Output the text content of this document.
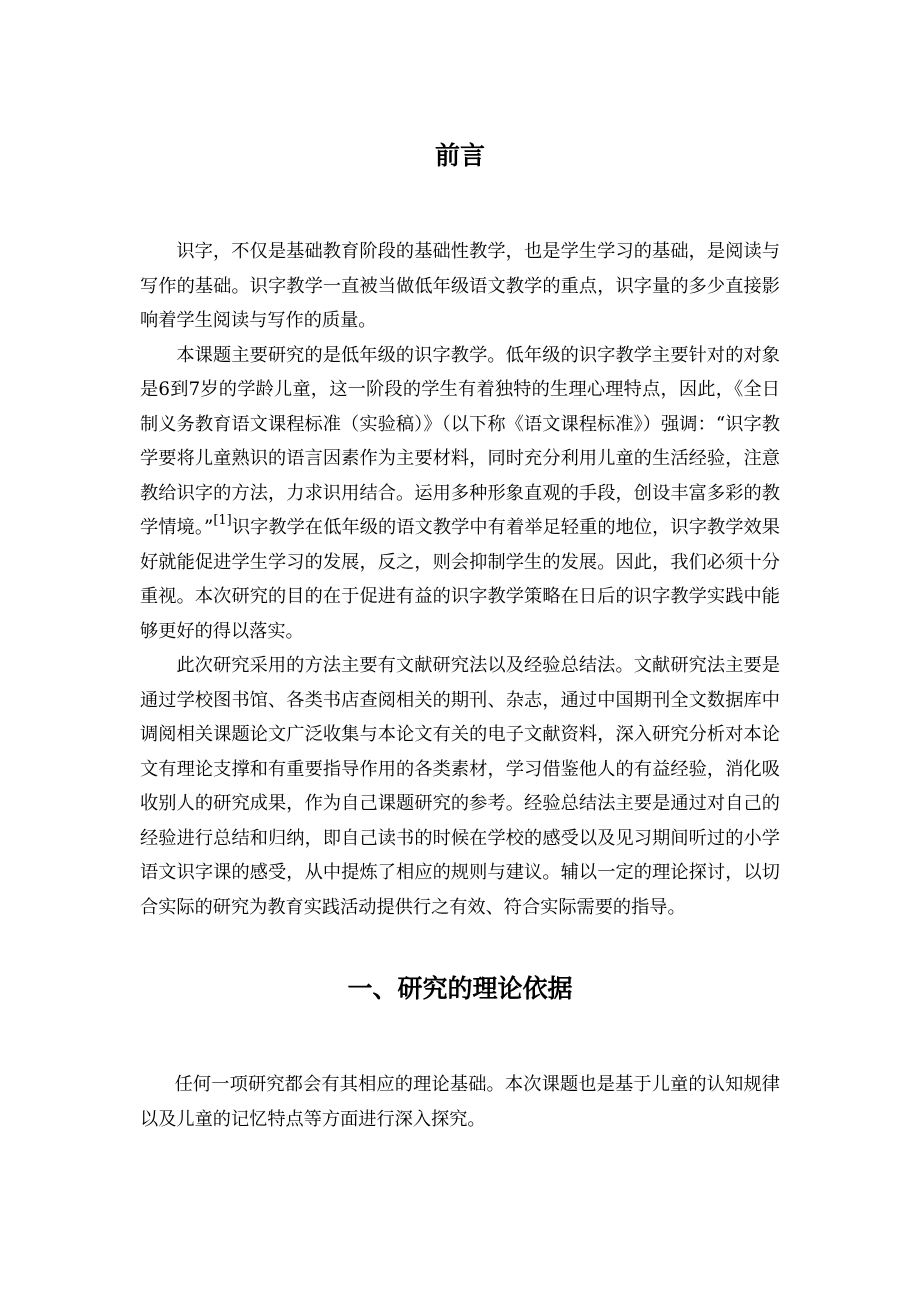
前言

识字，不仅是基础教育阶段的基础性教学，也是学生学习的基础，是阅读与写作的基础。识字教学一直被当做低年级语文教学的重点，识字量的多少直接影响着学生阅读与写作的质量。

本课题主要研究的是低年级的识字教学。低年级的识字教学主要针对的对象是6到7岁的学龄儿童，这一阶段的学生有着独特的生理心理特点，因此，《全日制义务教育语文课程标准（实验稿）》（以下称《语文课程标准》）强调：“识字教学要将儿童熟识的语言因素作为主要材料，同时充分利用儿童的生活经验，注意教给识字的方法，力求识用结合。运用多种形象直观的手段，创设丰富多彩的教学情境。”[1]识字教学在低年级的语文教学中有着举足轻重的地位，识字教学效果好就能促进学生学习的发展，反之，则会抑制学生的发展。因此，我们必须十分重视。本次研究的目的在于促进有益的识字教学策略在日后的识字教学实践中能够更好的得以落实。

此次研究采用的方法主要有文献研究法以及经验总结法。文献研究法主要是通过学校图书馆、各类书店查阅相关的期刊、杂志，通过中国期刊全文数据库中调阅相关课题论文广泛收集与本论文有关的电子文献资料，深入研究分析对本论文有理论支撑和有重要指导作用的各类素材，学习借鉴他人的有益经验，消化吸收别人的研究成果，作为自己课题研究的参考。经验总结法主要是通过对自己的经验进行总结和归纳，即自己读书的时候在学校的感受以及见习期间听过的小学语文识字课的感受，从中提炼了相应的规则与建议。辅以一定的理论探讨，以切合实际的研究为教育实践活动提供行之有效、符合实际需要的指导。

一、研究的理论依据

任何一项研究都会有其相应的理论基础。本次课题也是基于儿童的认知规律以及儿童的记忆特点等方面进行深入探究。
